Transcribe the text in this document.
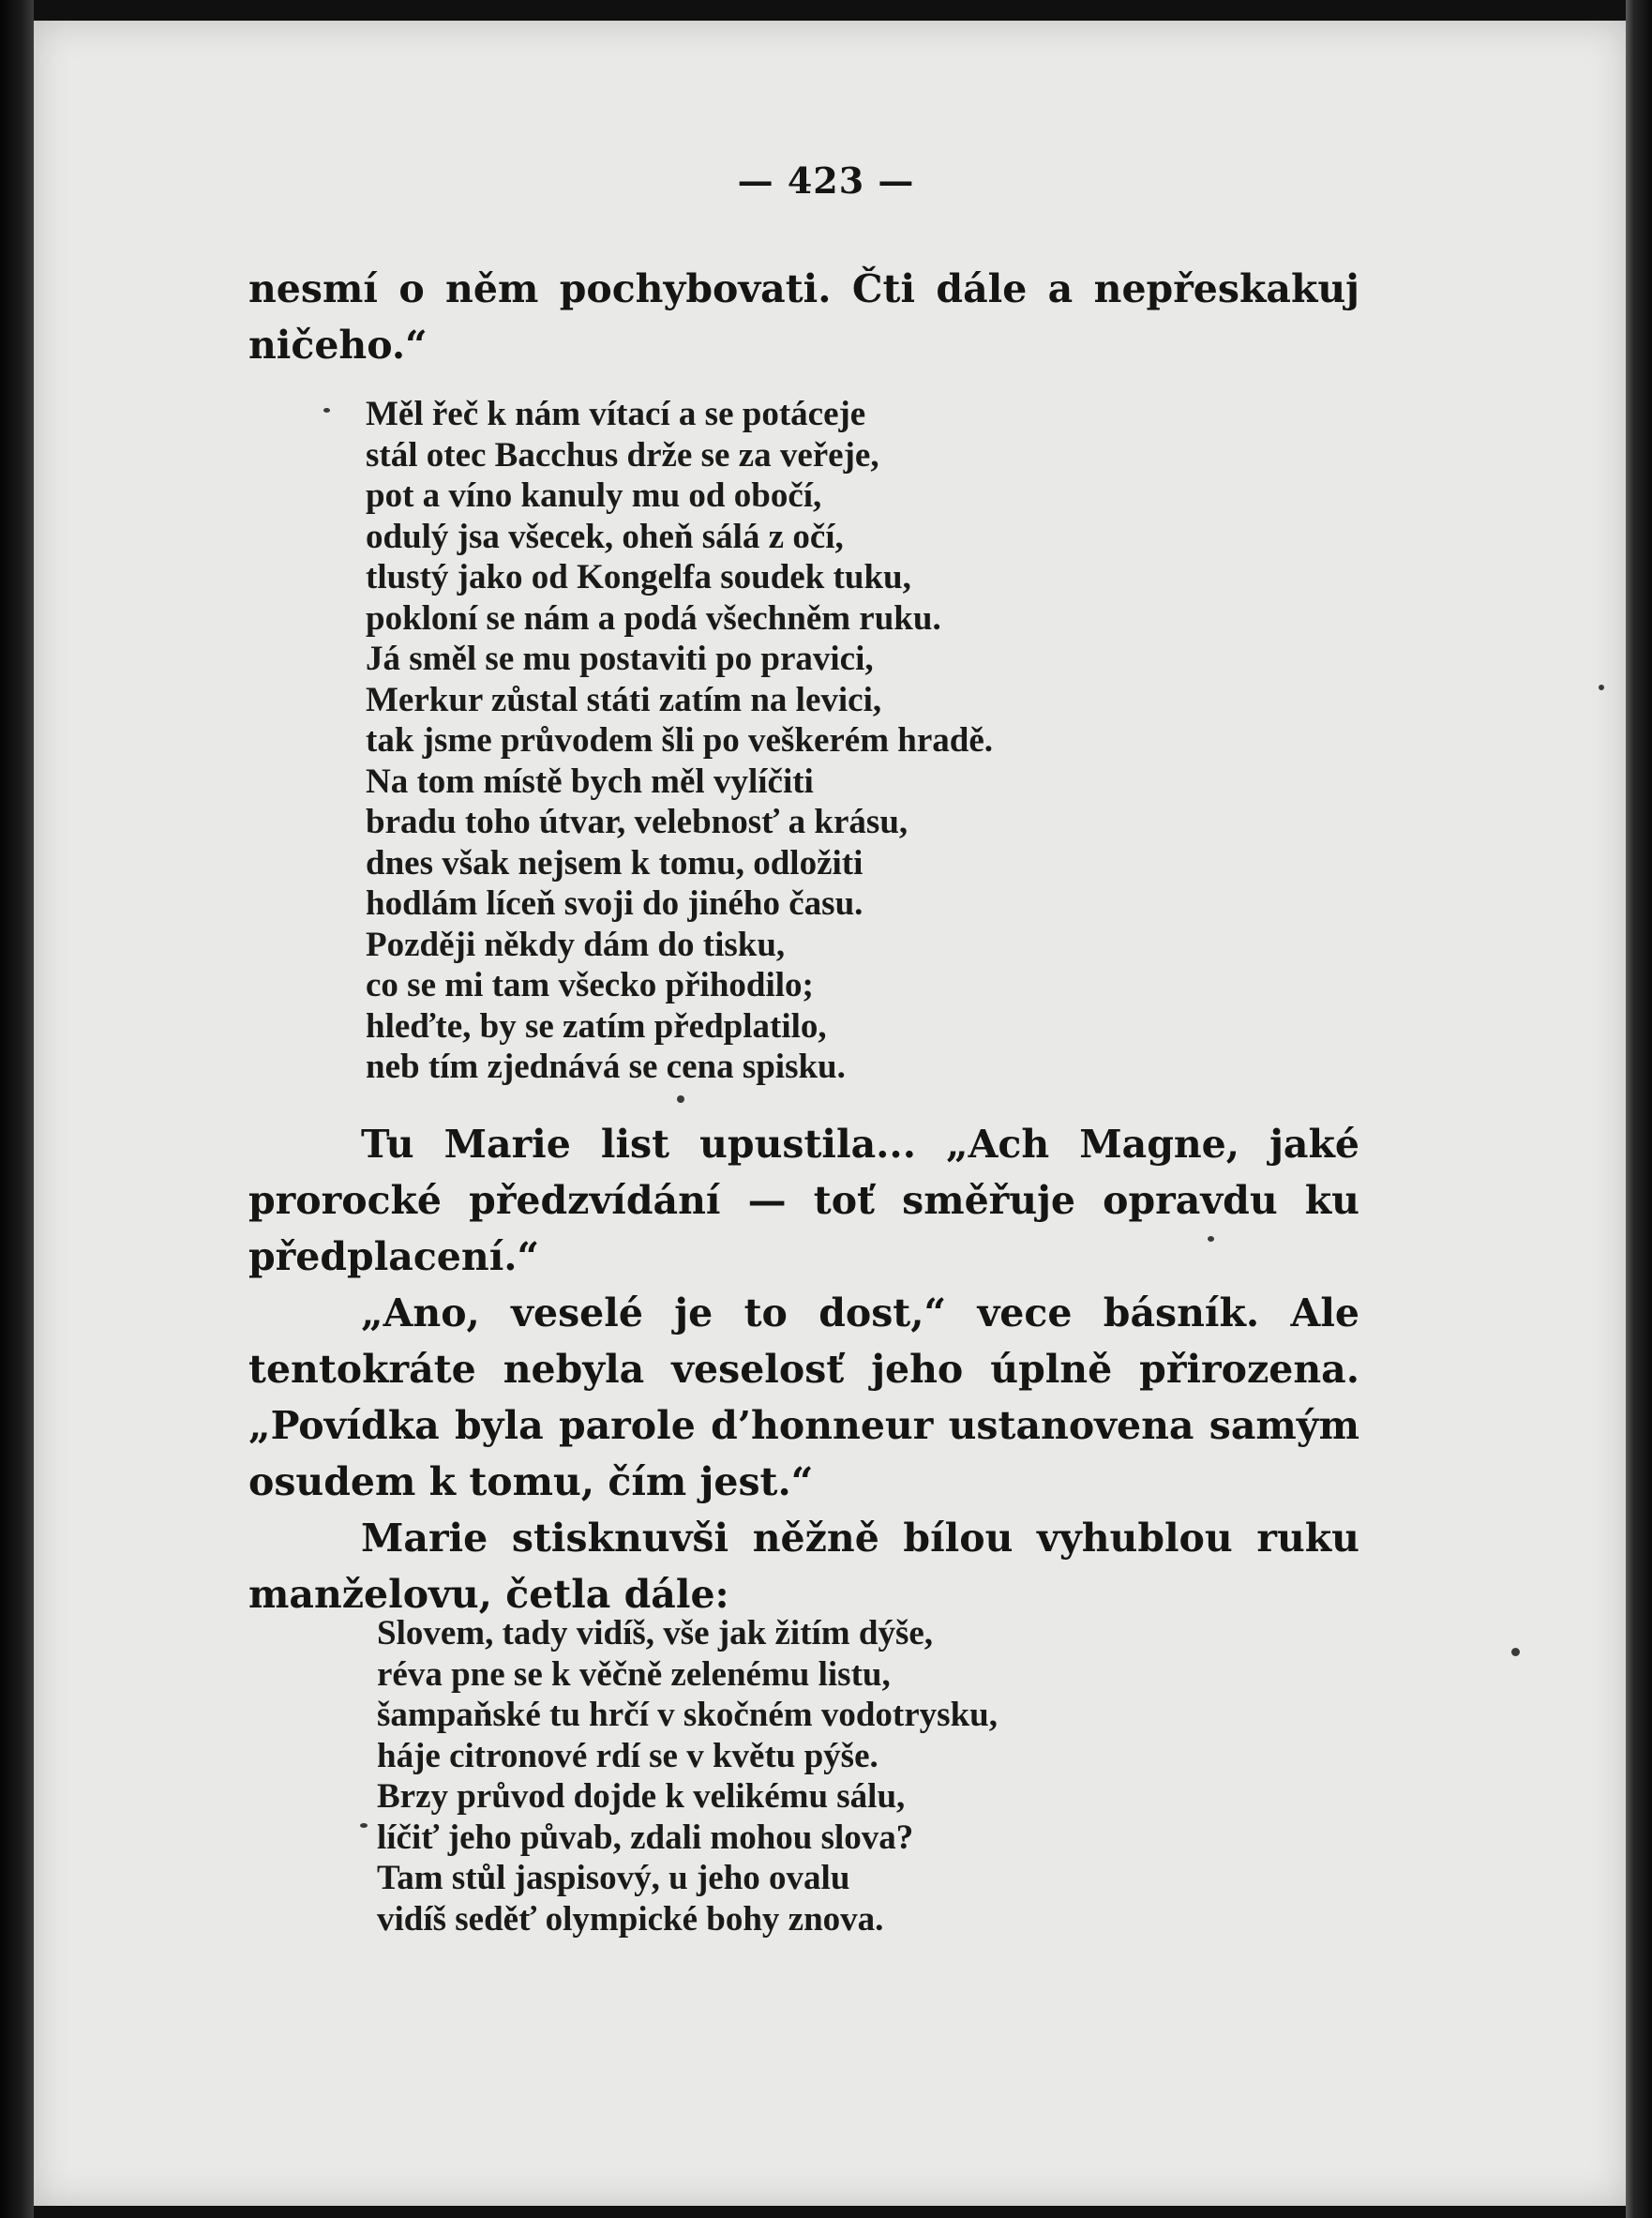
— 423 —

nesmí o něm pochybovati. Čti dále a nepřeskakuj ničeho.“

Měl řeč k nám vítací a se potáceje
stál otec Bacchus drže se za veřeje,
pot a víno kanuly mu od obočí,
odulý jsa všecek, oheň sálá z očí,
tlustý jako od Kongelfa soudek tuku,
pokloní se nám a podá všechněm ruku.
Já směl se mu postaviti po pravici,
Merkur zůstal státi zatím na levici,
tak jsme průvodem šli po veškerém hradě.
Na tom místě bych měl vylíčiti
bradu toho útvar, velebnosť a krásu,
dnes však nejsem k tomu, odložiti
hodlám líceň svoji do jiného času.
Později někdy dám do tisku,
co se mi tam všecko přihodilo;
hleďte, by se zatím předplatilo,
neb tím zjednává se cena spisku.

Tu Marie list upustila... „Ach Magne, jaké prorocké předzvídání — toť směřuje opravdu ku předplacení.“

„Ano, veselé je to dost,“ vece básník. Ale tentokráte nebyla veselosť jeho úplně přirozena. „Povídka byla parole d’honneur ustanovena samým osudem k tomu, čím jest.“

Marie stisknuvši něžně bílou vyhublou ruku manželovu, četla dále:

Slovem, tady vidíš, vše jak žitím dýše,
réva pne se k věčně zelenému listu,
šampaňské tu hrčí v skočném vodotrysku,
háje citronové rdí se v květu pýše.
Brzy průvod dojde k velikému sálu,
líčiť jeho půvab, zdali mohou slova?
Tam stůl jaspisový, u jeho ovalu
vidíš seděť olympické bohy znova.
